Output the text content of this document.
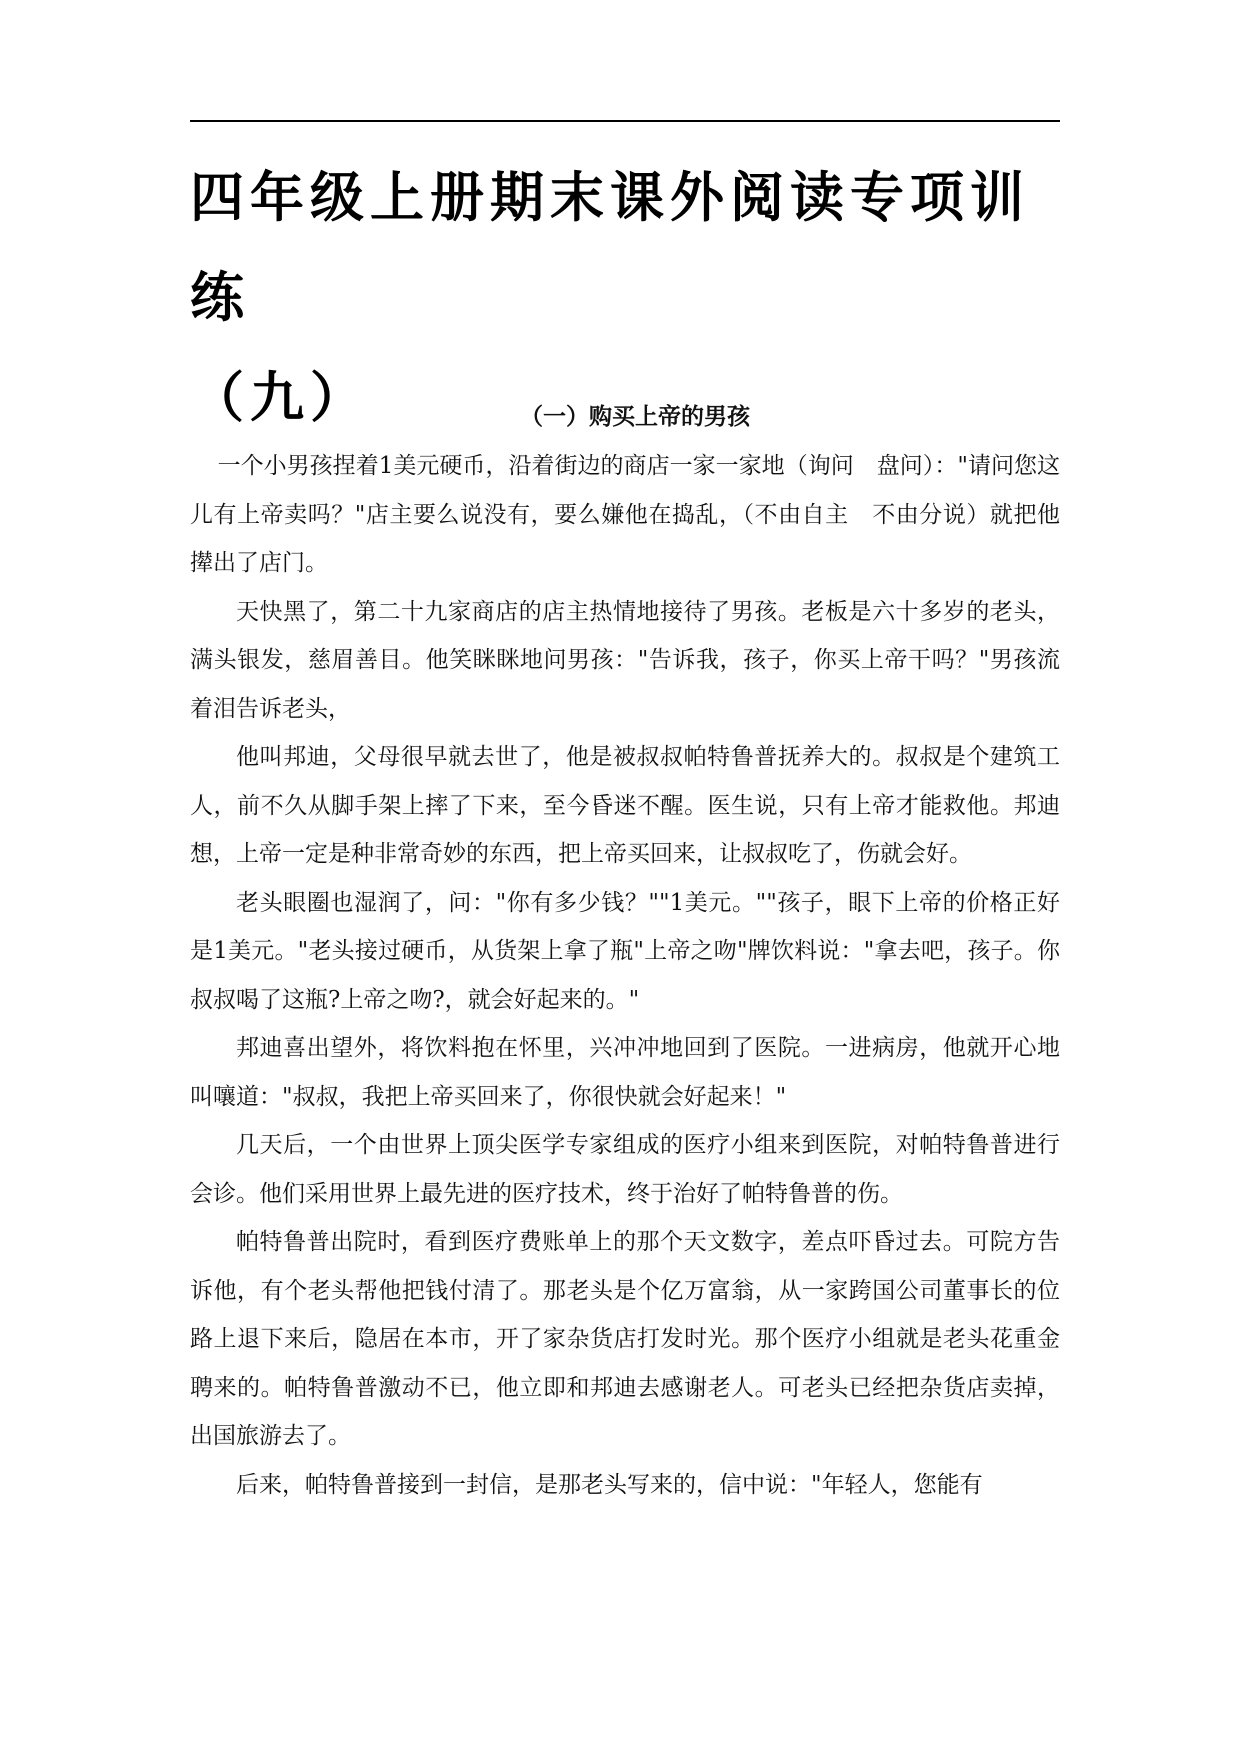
四年级上册期末课外阅读专项训练
（九）	（一）购买上帝的男孩

一个小男孩捏着1美元硬币，沿着街边的商店一家一家地（询问　盘问）："请问您这儿有上帝卖吗？"店主要么说没有，要么嫌他在捣乱，（不由自主　不由分说）就把他撵出了店门。

天快黑了，第二十九家商店的店主热情地接待了男孩。老板是六十多岁的老头，满头银发，慈眉善目。他笑眯眯地问男孩："告诉我，孩子，你买上帝干吗？"男孩流着泪告诉老头，

他叫邦迪，父母很早就去世了，他是被叔叔帕特鲁普抚养大的。叔叔是个建筑工人，前不久从脚手架上摔了下来，至今昏迷不醒。医生说，只有上帝才能救他。邦迪想，上帝一定是种非常奇妙的东西，把上帝买回来，让叔叔吃了，伤就会好。

老头眼圈也湿润了，问："你有多少钱？""1美元。""孩子，眼下上帝的价格正好是1美元。"老头接过硬币，从货架上拿了瓶"上帝之吻"牌饮料说："拿去吧，孩子。你叔叔喝了这瓶?上帝之吻?，就会好起来的。"

邦迪喜出望外，将饮料抱在怀里，兴冲冲地回到了医院。一进病房，他就开心地叫嚷道："叔叔，我把上帝买回来了，你很快就会好起来！"

几天后，一个由世界上顶尖医学专家组成的医疗小组来到医院，对帕特鲁普进行会诊。他们采用世界上最先进的医疗技术，终于治好了帕特鲁普的伤。

帕特鲁普出院时，看到医疗费账单上的那个天文数字，差点吓昏过去。可院方告诉他，有个老头帮他把钱付清了。那老头是个亿万富翁，从一家跨国公司董事长的位路上退下来后，隐居在本市，开了家杂货店打发时光。那个医疗小组就是老头花重金聘来的。帕特鲁普激动不已，他立即和邦迪去感谢老人。可老头已经把杂货店卖掉，出国旅游去了。

后来，帕特鲁普接到一封信，是那老头写来的，信中说："年轻人，您能有
